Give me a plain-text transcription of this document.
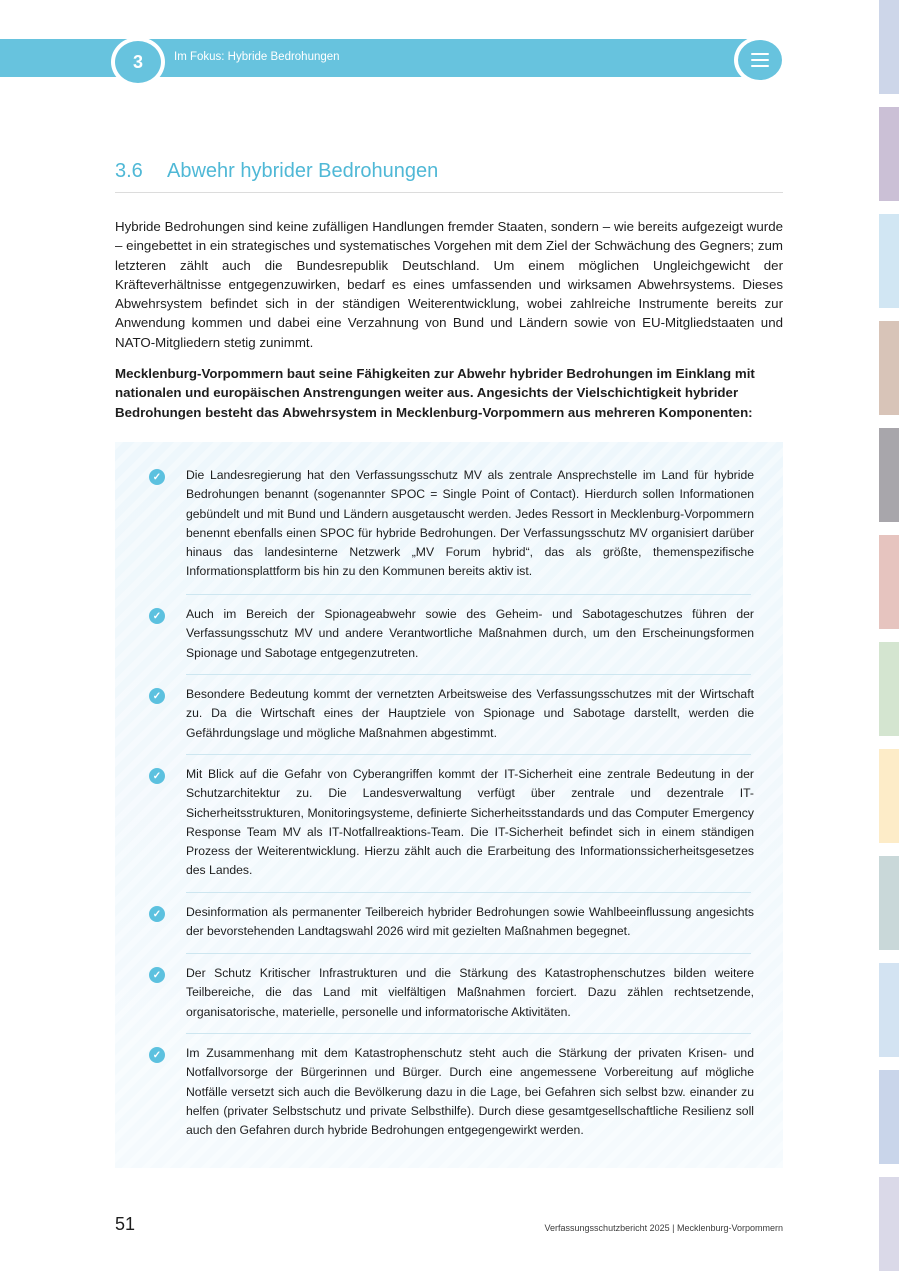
3	Im Fokus: Hybride Bedrohungen
3.6 Abwehr hybrider Bedrohungen

Hybride Bedrohungen sind keine zufälligen Handlungen fremder Staaten, sondern – wie bereits aufgezeigt wurde – eingebettet in ein strategisches und systematisches Vorgehen mit dem Ziel der Schwächung des Gegners; zum letzteren zählt auch die Bundesrepublik Deutschland. Um einem möglichen Ungleichgewicht der Kräfteverhältnisse entgegenzuwirken, bedarf es eines umfassenden und wirksamen Abwehrsystems. Dieses Abwehrsystem befindet sich in der ständigen Weiterentwicklung, wobei zahlreiche Instrumente bereits zur Anwendung kommen und dabei eine Verzahnung von Bund und Ländern sowie von EU-Mitgliedstaaten und NATO-Mitgliedern stetig zunimmt.

Mecklenburg-Vorpommern baut seine Fähigkeiten zur Abwehr hybrider Bedrohungen im Einklang mit nationalen und europäischen Anstrengungen weiter aus. Angesichts der Vielschichtigkeit hybrider Bedrohungen besteht das Abwehrsystem in Mecklenburg-Vorpommern aus mehreren Komponenten:

✓	Die Landesregierung hat den Verfassungsschutz MV als zentrale Ansprechstelle im Land für hybride Bedrohungen benannt (sogenannter SPOC = Single Point of Contact). Hierdurch sollen Informationen gebündelt und mit Bund und Ländern ausgetauscht werden. Jedes Ressort in Mecklenburg-Vorpommern benennt ebenfalls einen SPOC für hybride Bedrohungen. Der Verfassungsschutz MV organisiert darüber hinaus das landesinterne Netzwerk „MV Forum hybrid“, das als größte, themenspezifische Informationsplattform bis hin zu den Kommunen bereits aktiv ist.

✓	Auch im Bereich der Spionageabwehr sowie des Geheim- und Sabotageschutzes führen der Verfassungsschutz MV und andere Verantwortliche Maßnahmen durch, um den Erscheinungsformen Spionage und Sabotage entgegenzutreten.

✓	Besondere Bedeutung kommt der vernetzten Arbeitsweise des Verfassungsschutzes mit der Wirtschaft zu. Da die Wirtschaft eines der Hauptziele von Spionage und Sabotage darstellt, werden die Gefährdungslage und mögliche Maßnahmen abgestimmt.

✓	Mit Blick auf die Gefahr von Cyberangriffen kommt der IT-Sicherheit eine zentrale Bedeutung in der Schutzarchitektur zu. Die Landesverwaltung verfügt über zentrale und dezentrale IT-Sicherheitsstrukturen, Monitoringsysteme, definierte Sicherheitsstandards und das Computer Emergency Response Team MV als IT-Notfallreaktions-Team. Die IT-Sicherheit befindet sich in einem ständigen Prozess der Weiterentwicklung. Hierzu zählt auch die Erarbeitung des Informationssicherheitsgesetzes des Landes.

✓	Desinformation als permanenter Teilbereich hybrider Bedrohungen sowie Wahlbeeinflussung angesichts der bevorstehenden Landtagswahl 2026 wird mit gezielten Maßnahmen begegnet.

✓	Der Schutz Kritischer Infrastrukturen und die Stärkung des Katastrophenschutzes bilden weitere Teilbereiche, die das Land mit vielfältigen Maßnahmen forciert. Dazu zählen rechtsetzende, organisatorische, materielle, personelle und informatorische Aktivitäten.

✓	Im Zusammenhang mit dem Katastrophenschutz steht auch die Stärkung der privaten Krisen- und Notfallvorsorge der Bürgerinnen und Bürger. Durch eine angemessene Vorbereitung auf mögliche Notfälle versetzt sich auch die Bevölkerung dazu in die Lage, bei Gefahren sich selbst bzw. einander zu helfen (privater Selbstschutz und private Selbsthilfe). Durch diese gesamtgesellschaftliche Resilienz soll auch den Gefahren durch hybride Bedrohungen entgegengewirkt werden.

51	Verfassungsschutzbericht 2025 | Mecklenburg-Vorpommern
